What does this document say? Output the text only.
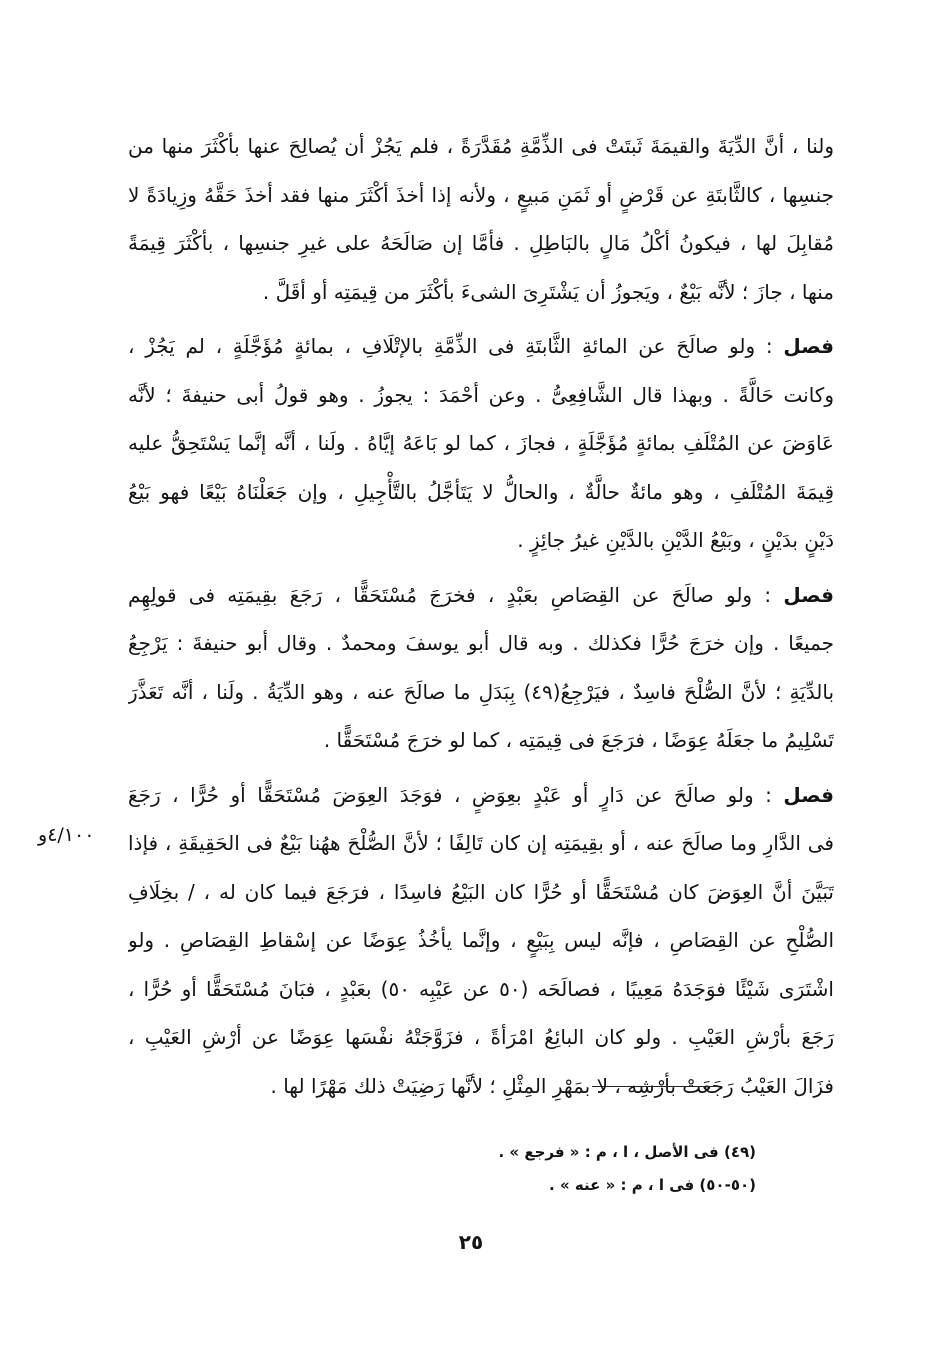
ولنا ، أنَّ الدِّيَةَ والقيمَةَ ثَبتَتْ فى الذِّمَّةِ مُقَدَّرَةً ، فلم يَجُزْ أن يُصالِحَ عنها بأكْثَرَ منها من
جنسِها ، كالثَّابتَةِ عن قَرْضٍ أو ثَمَنِ مَبيعٍ ، ولأنه إذا أخذَ أكْثَرَ منها فقد أخذَ حَقَّهُ وزِيادَةً لا
مُقابِلَ لها ، فيكونُ أكْلُ مَالٍ بالبَاطِلِ . فأمَّا إن صَالَحَهُ على غيرِ جنسِها ، بأكْثَرَ قِيمَةً
منها ، جازَ ؛ لأنَّه بَيْعٌ ، ويَجوزُ أن يَشْتَرِىَ الشىءَ بأكْثَرَ من قِيمَتِه أو أقَلَّ .
فصل : ولو صالَحَ عن المائةِ الثَّابتَةِ فى الذِّمَّةِ بالإتْلَافِ ، بمائةٍ مُؤَجَّلَةٍ ، لم يَجُزْ ،
وكانت حَالَّةً . وبهذا قال الشَّافِعِىُّ . وعن أحْمَدَ : يجوزُ . وهو قولُ أبى حنيفةَ ؛ لأنَّه
عَاوَضَ عن المُتْلَفِ بمائةٍ مُؤَجَّلَةٍ ، فجازَ ، كما لو بَاعَهُ إيَّاهُ . ولَنا ، أنَّه إنَّما يَسْتَحِقُّ عليه
قِيمَةَ المُتْلَفِ ، وهو مائةٌ حالَّةٌ ، والحالُّ لا يَتَأجَّلُ بالتَّأْجِيلِ ، وإن جَعَلْنَاهُ بَيْعًا فهو بَيْعُ
دَيْنٍ بدَيْنٍ ، وبَيْعُ الدَّيْنِ بالدَّيْنِ غيرُ جائِزٍ .
فصل : ولو صالَحَ عن القِصَاصِ بعَبْدٍ ، فخرَجَ مُسْتَحَقًّا ، رَجَعَ بقِيمَتِه فى قولِهِم
جميعًا . وإن خرَجَ حُرًّا فكذلك . وبه قال أبو يوسفَ ومحمدٌ . وقال أبو حنيفةَ : يَرْجِعُ
بالدِّيَةِ ؛ لأنَّ الصُّلْحَ فاسِدٌ ، فيَرْجِعُ(٤٩) بِبَدَلِ ما صالَحَ عنه ، وهو الدِّيَةُ . ولَنا ، أنَّه تَعَذَّرَ
تَسْلِيمُ ما جعَلَهُ عِوَضًا ، فرَجَعَ فى قِيمَتِه ، كما لو خرَجَ مُسْتَحَقًّا .
فصل : ولو صالَحَ عن دَارٍ أو عَبْدٍ بعِوَضٍ ، فوَجَدَ العِوَضَ مُسْتَحَقًّا أو حُرًّا ، رَجَعَ
فى الدَّارِ وما صالَحَ عنه ، أو بقِيمَتِه إن كان تَالِفًا ؛ لأنَّ الصُّلْحَ ههُنا بَيْعٌ فى الحَقِيقَةِ ، فإذا
تَبَيَّنَ أنَّ العِوَضَ كان مُسْتَحَقًّا أو حُرًّا كان البَيْعُ فاسِدًا ، فرَجَعَ فيما كان له ، / بخِلَافِ
الصُّلْحِ عن القِصَاصِ ، فإنَّه ليس بِبَيْعٍ ، وإنَّما يأخُذُ عِوَضًا عن إسْقاطِ القِصَاصِ . ولو
اشْتَرَى شَيْئًا فوَجَدَهُ مَعِيبًا ، فصالَحَه (٥٠ عن عَيْبِه ٥٠) بعَبْدٍ ، فبَانَ مُسْتَحَقًّا أو حُرًّا ،
رَجَعَ بأرْشِ العَيْبِ . ولو كان البائِعُ امْرَأةً ، فزَوَّجَتْهُ نفْسَها عِوَضًا عن أرْشِ العَيْبِ ،
فزَالَ العَيْبُ رَجَعَتْ بأرْشِه ، لا بمَهْرِ المِثْلِ ؛ لأنَّها رَضِيَتْ ذلك مَهْرًا لها .
٤/١٠٠و
(٤٩) فى الأصل ، ا ، م : « فرجع » .
(٥٠-٥٠) فى ا ، م : « عنه » .
٢٥
